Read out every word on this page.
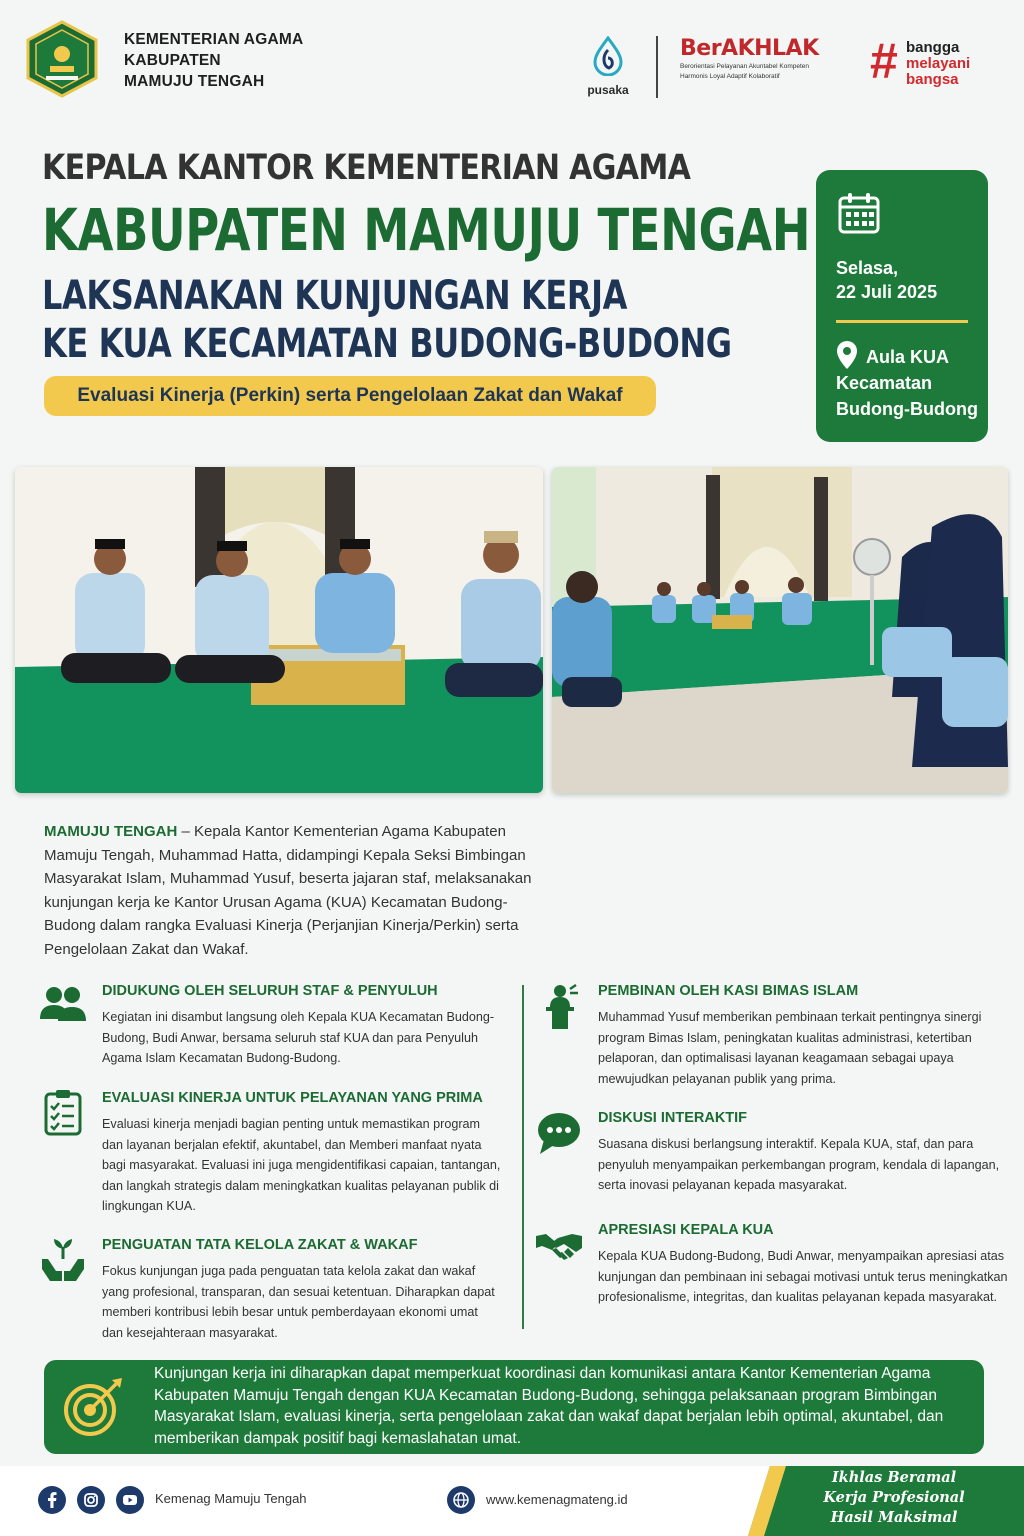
KEMENTERIAN AGAMA
KABUPATEN
MAMUJU TENGAH	pusaka
BerAKHLAK
Berorientasi Pelayanan Akuntabel Kompeten
Harmonis Loyal Adaptif Kolaboratif	# bangga
melayani
bangsa
KEPALA KANTOR KEMENTERIAN AGAMA
KABUPATEN MAMUJU TENGAH
LAKSANAKAN KUNJUNGAN KERJA
KE KUA KECAMATAN BUDONG-BUDONG
Evaluasi Kinerja (Perkin) serta Pengelolaan Zakat dan Wakaf
Selasa,
22 Juli 2025
Aula KUA
Kecamatan
Budong-Budong
MAMUJU TENGAH – Kepala Kantor Kementerian Agama Kabupaten Mamuju Tengah, Muhammad Hatta, didampingi Kepala Seksi Bimbingan Masyarakat Islam, Muhammad Yusuf, beserta jajaran staf, melaksanakan kunjungan kerja ke Kantor Urusan Agama (KUA) Kecamatan Budong-Budong dalam rangka Evaluasi Kinerja (Perjanjian Kinerja/Perkin) serta Pengelolaan Zakat dan Wakaf.
DIDUKUNG OLEH SELURUH STAF & PENYULUH
Kegiatan ini disambut langsung oleh Kepala KUA Kecamatan Budong-Budong, Budi Anwar, bersama seluruh staf KUA dan para Penyuluh Agama Islam Kecamatan Budong-Budong.
EVALUASI KINERJA UNTUK PELAYANAN YANG PRIMA
Evaluasi kinerja menjadi bagian penting untuk memastikan program dan layanan berjalan efektif, akuntabel, dan Memberi manfaat nyata bagi masyarakat. Evaluasi ini juga mengidentifikasi capaian, tantangan, dan langkah strategis dalam meningkatkan kualitas pelayanan publik di lingkungan KUA.
PENGUATAN TATA KELOLA ZAKAT & WAKAF
Fokus kunjungan juga pada penguatan tata kelola zakat dan wakaf yang profesional, transparan, dan sesuai ketentuan. Diharapkan dapat memberi kontribusi lebih besar untuk pemberdayaan ekonomi umat dan kesejahteraan masyarakat.
PEMBINAN OLEH KASI BIMAS ISLAM
Muhammad Yusuf memberikan pembinaan terkait pentingnya sinergi program Bimas Islam, peningkatan kualitas administrasi, ketertiban pelaporan, dan optimalisasi layanan keagamaan sebagai upaya mewujudkan pelayanan publik yang prima.
DISKUSI INTERAKTIF
Suasana diskusi berlangsung interaktif. Kepala KUA, staf, dan para penyuluh menyampaikan perkembangan program, kendala di lapangan, serta inovasi pelayanan kepada masyarakat.
APRESIASI KEPALA KUA
Kepala KUA Budong-Budong, Budi Anwar, menyampaikan apresiasi atas kunjungan dan pembinaan ini sebagai motivasi untuk terus meningkatkan profesionalisme, integritas, dan kualitas pelayanan kepada masyarakat.
Kunjungan kerja ini diharapkan dapat memperkuat koordinasi dan komunikasi antara Kantor Kementerian Agama Kabupaten Mamuju Tengah dengan KUA Kecamatan Budong-Budong, sehingga pelaksanaan program Bimbingan Masyarakat Islam, evaluasi kinerja, serta pengelolaan zakat dan wakaf dapat berjalan lebih optimal, akuntabel, dan memberikan dampak positif bagi kemaslahatan umat.
Kemenag Mamuju Tengah	www.kemenagmateng.id
Ikhlas Beramal
Kerja Profesional
Hasil Maksimal
